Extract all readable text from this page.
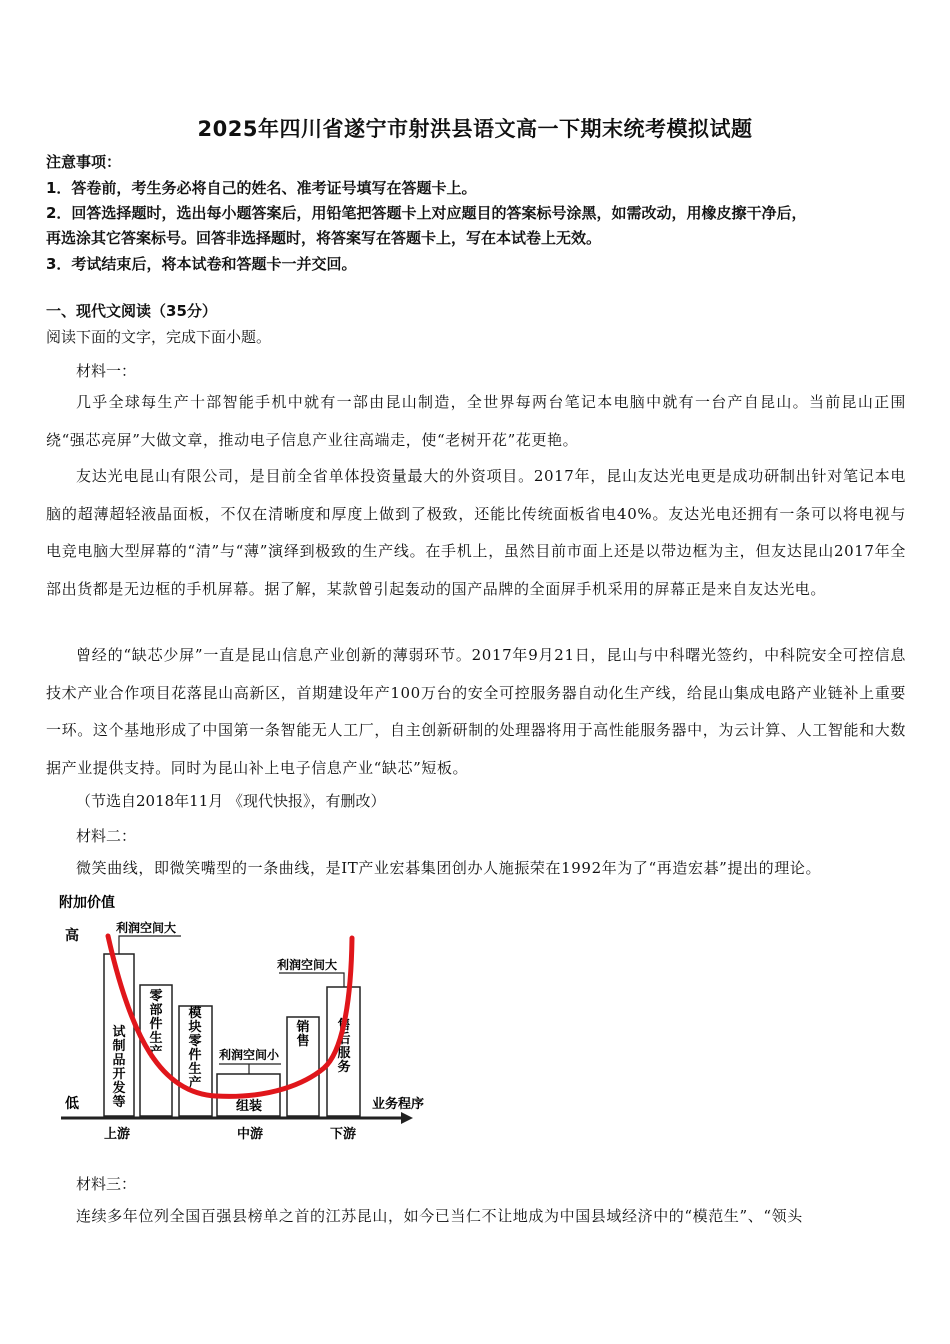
2025年四川省遂宁市射洪县语文高一下期末统考模拟试题
注意事项：
1．答卷前，考生务必将自己的姓名、准考证号填写在答题卡上。
2．回答选择题时，选出每小题答案后，用铅笔把答题卡上对应题目的答案标号涂黑，如需改动，用橡皮擦干净后，
再选涂其它答案标号。回答非选择题时，将答案写在答题卡上，写在本试卷上无效。
3．考试结束后，将本试卷和答题卡一并交回。
一、现代文阅读（35分）
阅读下面的文字，完成下面小题。
材料一：
几乎全球每生产十部智能手机中就有一部由昆山制造，全世界每两台笔记本电脑中就有一台产自昆山。当前昆山正围绕“强芯亮屏”大做文章，推动电子信息产业往高端走，使“老树开花”花更艳。
友达光电昆山有限公司，是目前全省单体投资量最大的外资项目。2017年，昆山友达光电更是成功研制出针对笔记本电脑的超薄超轻液晶面板，不仅在清晰度和厚度上做到了极致，还能比传统面板省电40%。友达光电还拥有一条可以将电视与电竞电脑大型屏幕的“清”与“薄”演绎到极致的生产线。在手机上，虽然目前市面上还是以带边框为主，但友达昆山2017年全部出货都是无边框的手机屏幕。据了解，某款曾引起轰动的国产品牌的全面屏手机采用的屏幕正是来自友达光电。
曾经的“缺芯少屏”一直是昆山信息产业创新的薄弱环节。2017年9月21日，昆山与中科曙光签约，中科院安全可控信息技术产业合作项目花落昆山高新区，首期建设年产100万台的安全可控服务器自动化生产线，给昆山集成电路产业链补上重要一环。这个基地形成了中国第一条智能无人工厂，自主创新研制的处理器将用于高性能服务器中，为云计算、人工智能和大数据产业提供支持。同时为昆山补上电子信息产业“缺芯”短板。
（节选自2018年11月 《现代快报》，有删改）
材料二：
微笑曲线，即微笑嘴型的一条曲线，是IT产业宏碁集团创办人施振荣在1992年为了“再造宏碁”提出的理论。
附加价值
高
低	业务程序
上游	中游	下游
利润空间大
利润空间大
利润空间小
试制品开发等
零部件生产
模块零件生产
组装
销售
售后服务
材料三：
连续多年位列全国百强县榜单之首的江苏昆山，如今已当仁不让地成为中国县域经济中的“模范生”、“领头
